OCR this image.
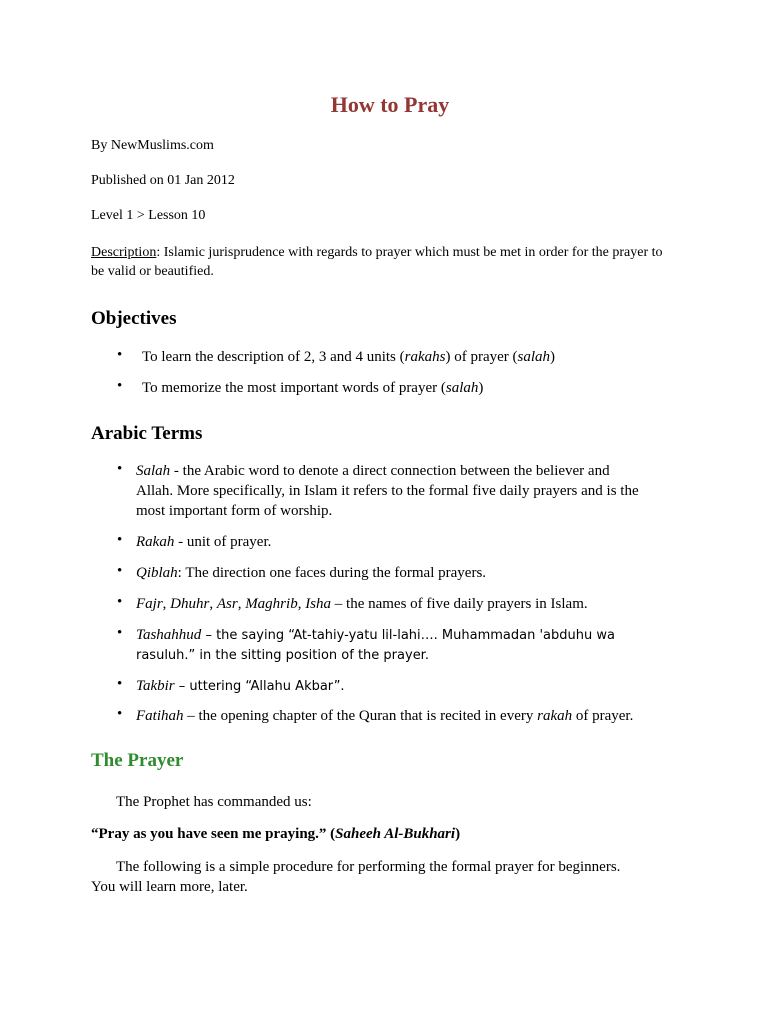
How to Pray
By NewMuslims.com
Published on 01 Jan 2012
Level 1 > Lesson 10
Description: Islamic jurisprudence with regards to prayer which must be met in order for the prayer to be valid or beautified.
Objectives
• To learn the description of 2, 3 and 4 units (rakahs) of prayer (salah)
• To memorize the most important words of prayer (salah)
Arabic Terms
• Salah - the Arabic word to denote a direct connection between the believer and
Allah. More specifically, in Islam it refers to the formal five daily prayers and is the
most important form of worship.
• Rakah - unit of prayer.
• Qiblah: The direction one faces during the formal prayers.
• Fajr, Dhuhr, Asr, Maghrib, Isha – the names of five daily prayers in Islam.
• Tashahhud – the saying “At-tahiy-yatu lil-lahi…. Muhammadan 'abduhu wa
rasuluh.” in the sitting position of the prayer.
• Takbir – uttering “Allahu Akbar”.
• Fatihah – the opening chapter of the Quran that is recited in every rakah of prayer.
The Prayer
The Prophet has commanded us:
“Pray as you have seen me praying.” (Saheeh Al-Bukhari)
The following is a simple procedure for performing the formal prayer for beginners.
You will learn more, later.
